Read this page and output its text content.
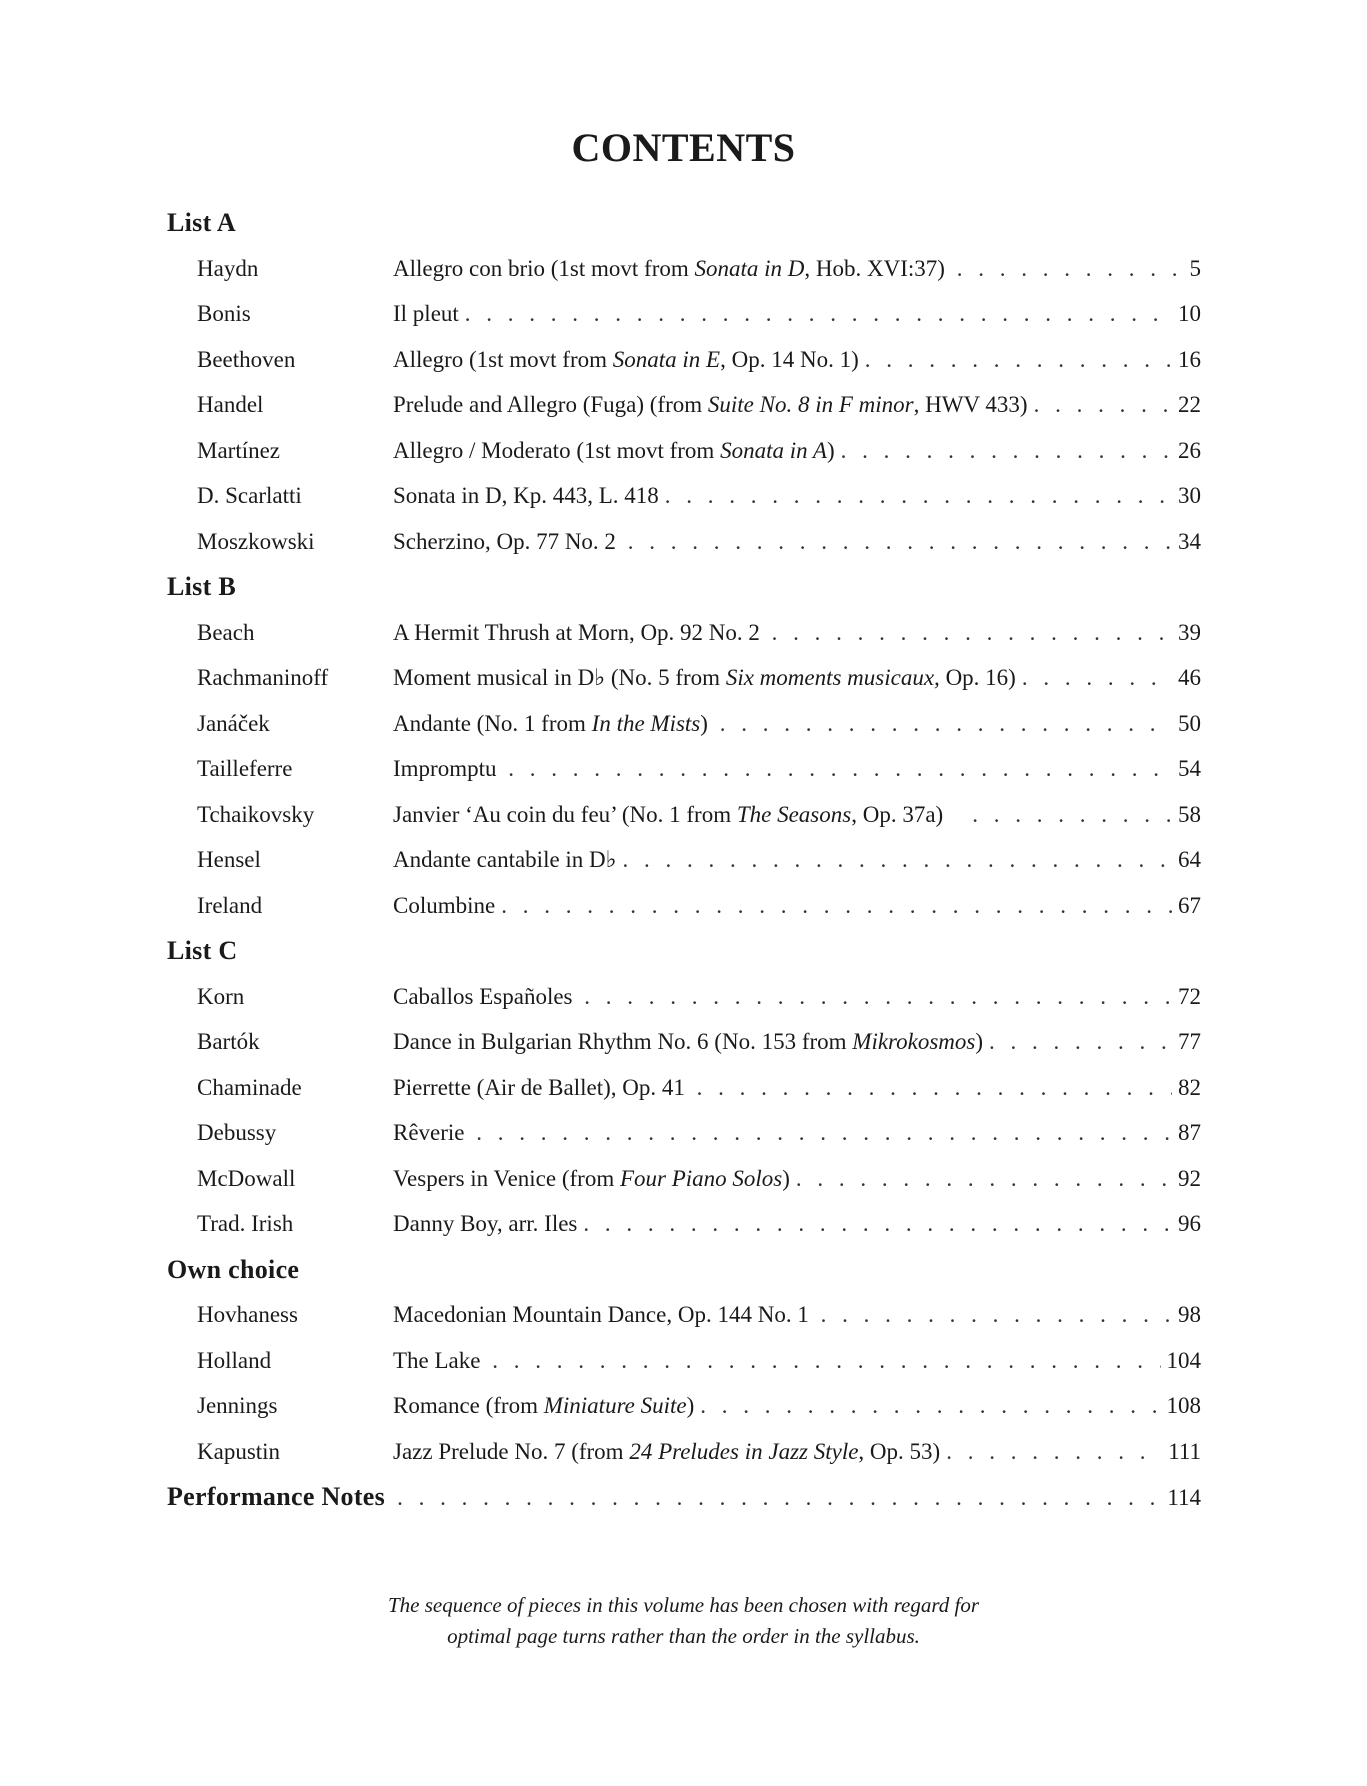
CONTENTS
List A
Haydn	Allegro con brio (1st movt from Sonata in D, Hob. XVI:37) . . .	5
Bonis	Il pleut . . .	10
Beethoven	Allegro (1st movt from Sonata in E, Op. 14 No. 1) . . .	16
Handel	Prelude and Allegro (Fuga) (from Suite No. 8 in F minor, HWV 433) . . .	22
Martínez	Allegro / Moderato (1st movt from Sonata in A) . . .	26
D. Scarlatti	Sonata in D, Kp. 443, L. 418 . . .	30
Moszkowski	Scherzino, Op. 77 No. 2 . . .	34
List B
Beach	A Hermit Thrush at Morn, Op. 92 No. 2 . . .	39
Rachmaninoff	Moment musical in D♭ (No. 5 from Six moments musicaux, Op. 16) . . .	46
Janáček	Andante (No. 1 from In the Mists) . . .	50
Tailleferre	Impromptu . . .	54
Tchaikovsky	Janvier ‘Au coin du feu’ (No. 1 from The Seasons, Op. 37a) . . .	58
Hensel	Andante cantabile in D♭ . . .	64
Ireland	Columbine . . .	67
List C
Korn	Caballos Españoles . . .	72
Bartók	Dance in Bulgarian Rhythm No. 6 (No. 153 from Mikrokosmos) . . .	77
Chaminade	Pierrette (Air de Ballet), Op. 41 . . .	82
Debussy	Rêverie . . .	87
McDowall	Vespers in Venice (from Four Piano Solos) . . .	92
Trad. Irish	Danny Boy, arr. Iles . . .	96
Own choice
Hovhaness	Macedonian Mountain Dance, Op. 144 No. 1 . . .	98
Holland	The Lake . . .	104
Jennings	Romance (from Miniature Suite) . . .	108
Kapustin	Jazz Prelude No. 7 (from 24 Preludes in Jazz Style, Op. 53) . . .	111
Performance Notes . . .	114
The sequence of pieces in this volume has been chosen with regard for
optimal page turns rather than the order in the syllabus.
